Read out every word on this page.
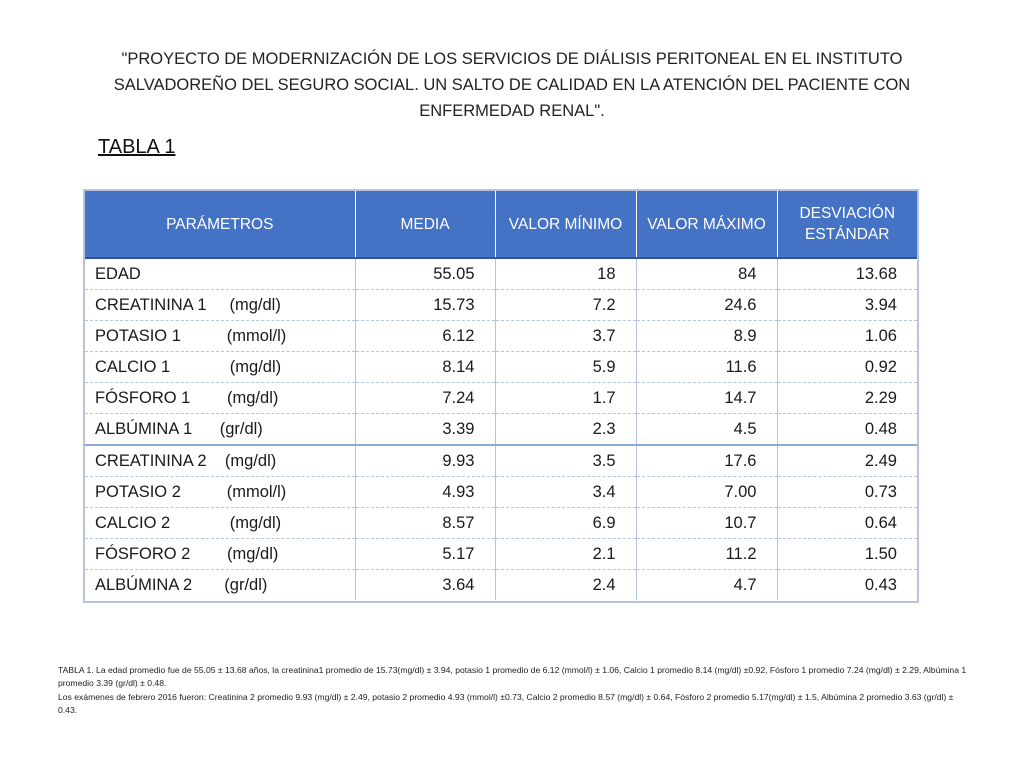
"PROYECTO DE MODERNIZACIÓN DE LOS SERVICIOS DE DIÁLISIS PERITONEAL EN EL INSTITUTO SALVADOREÑO DEL SEGURO SOCIAL. UN SALTO DE CALIDAD EN LA ATENCIÓN DEL PACIENTE CON ENFERMEDAD RENAL".
TABLA 1
PARÁMETROS	MEDIA	VALOR MÍNIMO	VALOR MÁXIMO	DESVIACIÓN ESTÁNDAR
EDAD	55.05	18	84	13.68
CREATININA 1     (mg/dl)	15.73	7.2	24.6	3.94
POTASIO 1          (mmol/l)	6.12	3.7	8.9	1.06
CALCIO 1             (mg/dl)	8.14	5.9	11.6	0.92
FÓSFORO 1        (mg/dl)	7.24	1.7	14.7	2.29
ALBÚMINA 1      (gr/dl)	3.39	2.3	4.5	0.48
CREATININA 2    (mg/dl)	9.93	3.5	17.6	2.49
POTASIO 2          (mmol/l)	4.93	3.4	7.00	0.73
CALCIO 2             (mg/dl)	8.57	6.9	10.7	0.64
FÓSFORO 2        (mg/dl)	5.17	2.1	11.2	1.50
ALBÚMINA 2       (gr/dl)	3.64	2.4	4.7	0.43
TABLA 1. La edad promedio fue de 55.05 ± 13.68 años, la creatinina1 promedio de 15.73(mg/dl) ± 3.94, potasio 1 promedio de 6.12 (mmol/l) ± 1.06, Calcio 1 promedio 8.14 (mg/dl) ±0.92, Fósforo 1 promedio 7.24 (mg/dl) ± 2.29, Albúmina 1 promedio 3.39 (gr/dl) ± 0.48.
Los exámenes de febrero 2016 fueron: Creatinina 2 promedio 9.93 (mg/dl) ± 2.49, potasio 2 promedio 4.93 (mmol/l) ±0.73, Calcio 2 promedio 8.57 (mg/dl) ± 0.64, Fósforo 2 promedio 5.17(mg/dl) ± 1.5, Albúmina 2 promedio 3.63 (gr/dl) ± 0.43.
